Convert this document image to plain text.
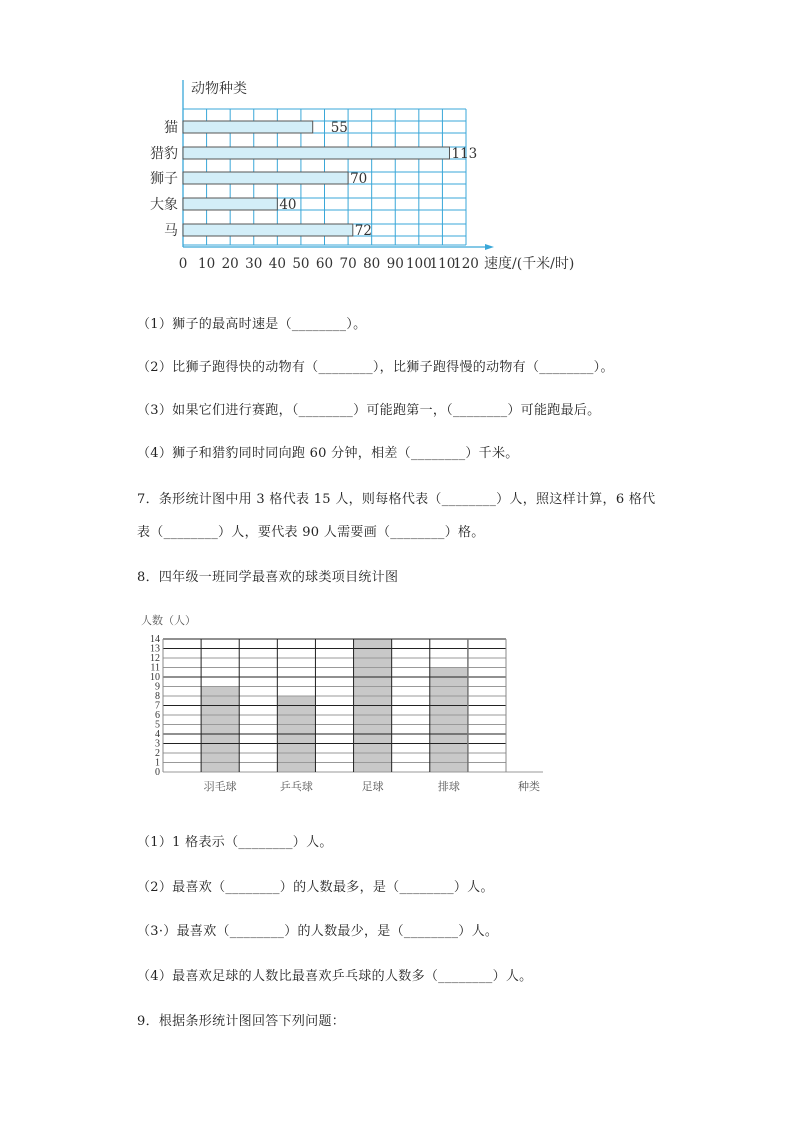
动物种类
速度/(千米/时)
猫
猎豹
狮子
大象
马
0 10 20 30 40 50 60 70 80 90 100
110
120
55
113
70
40
72
（1）狮子的最高时速是（________）。
（2）比狮子跑得快的动物有（________），比狮子跑得慢的动物有（________）。
（3）如果它们进行赛跑，（________）可能跑第一，（________）可能跑最后。
（4）狮子和猎豹同时同向跑 60 分钟，相差（________）千米。
7．条形统计图中用 3 格代表 15 人，则每格代表（________）人，照这样计算，6 格代
表（________）人，要代表 90 人需要画（________）格。
8．四年级一班同学最喜欢的球类项目统计图
人数（人）
种类
羽毛球	乒乓球	足球	排球
0
1
2
3
4
5
6
7
8
9
10
11
12
13
14
（1）1 格表示（________）人。
（2）最喜欢（________）的人数最多，是（________）人。
（3·）最喜欢（________）的人数最少，是（________）人。
（4）最喜欢足球的人数比最喜欢乒乓球的人数多（________）人。
9．根据条形统计图回答下列问题：
